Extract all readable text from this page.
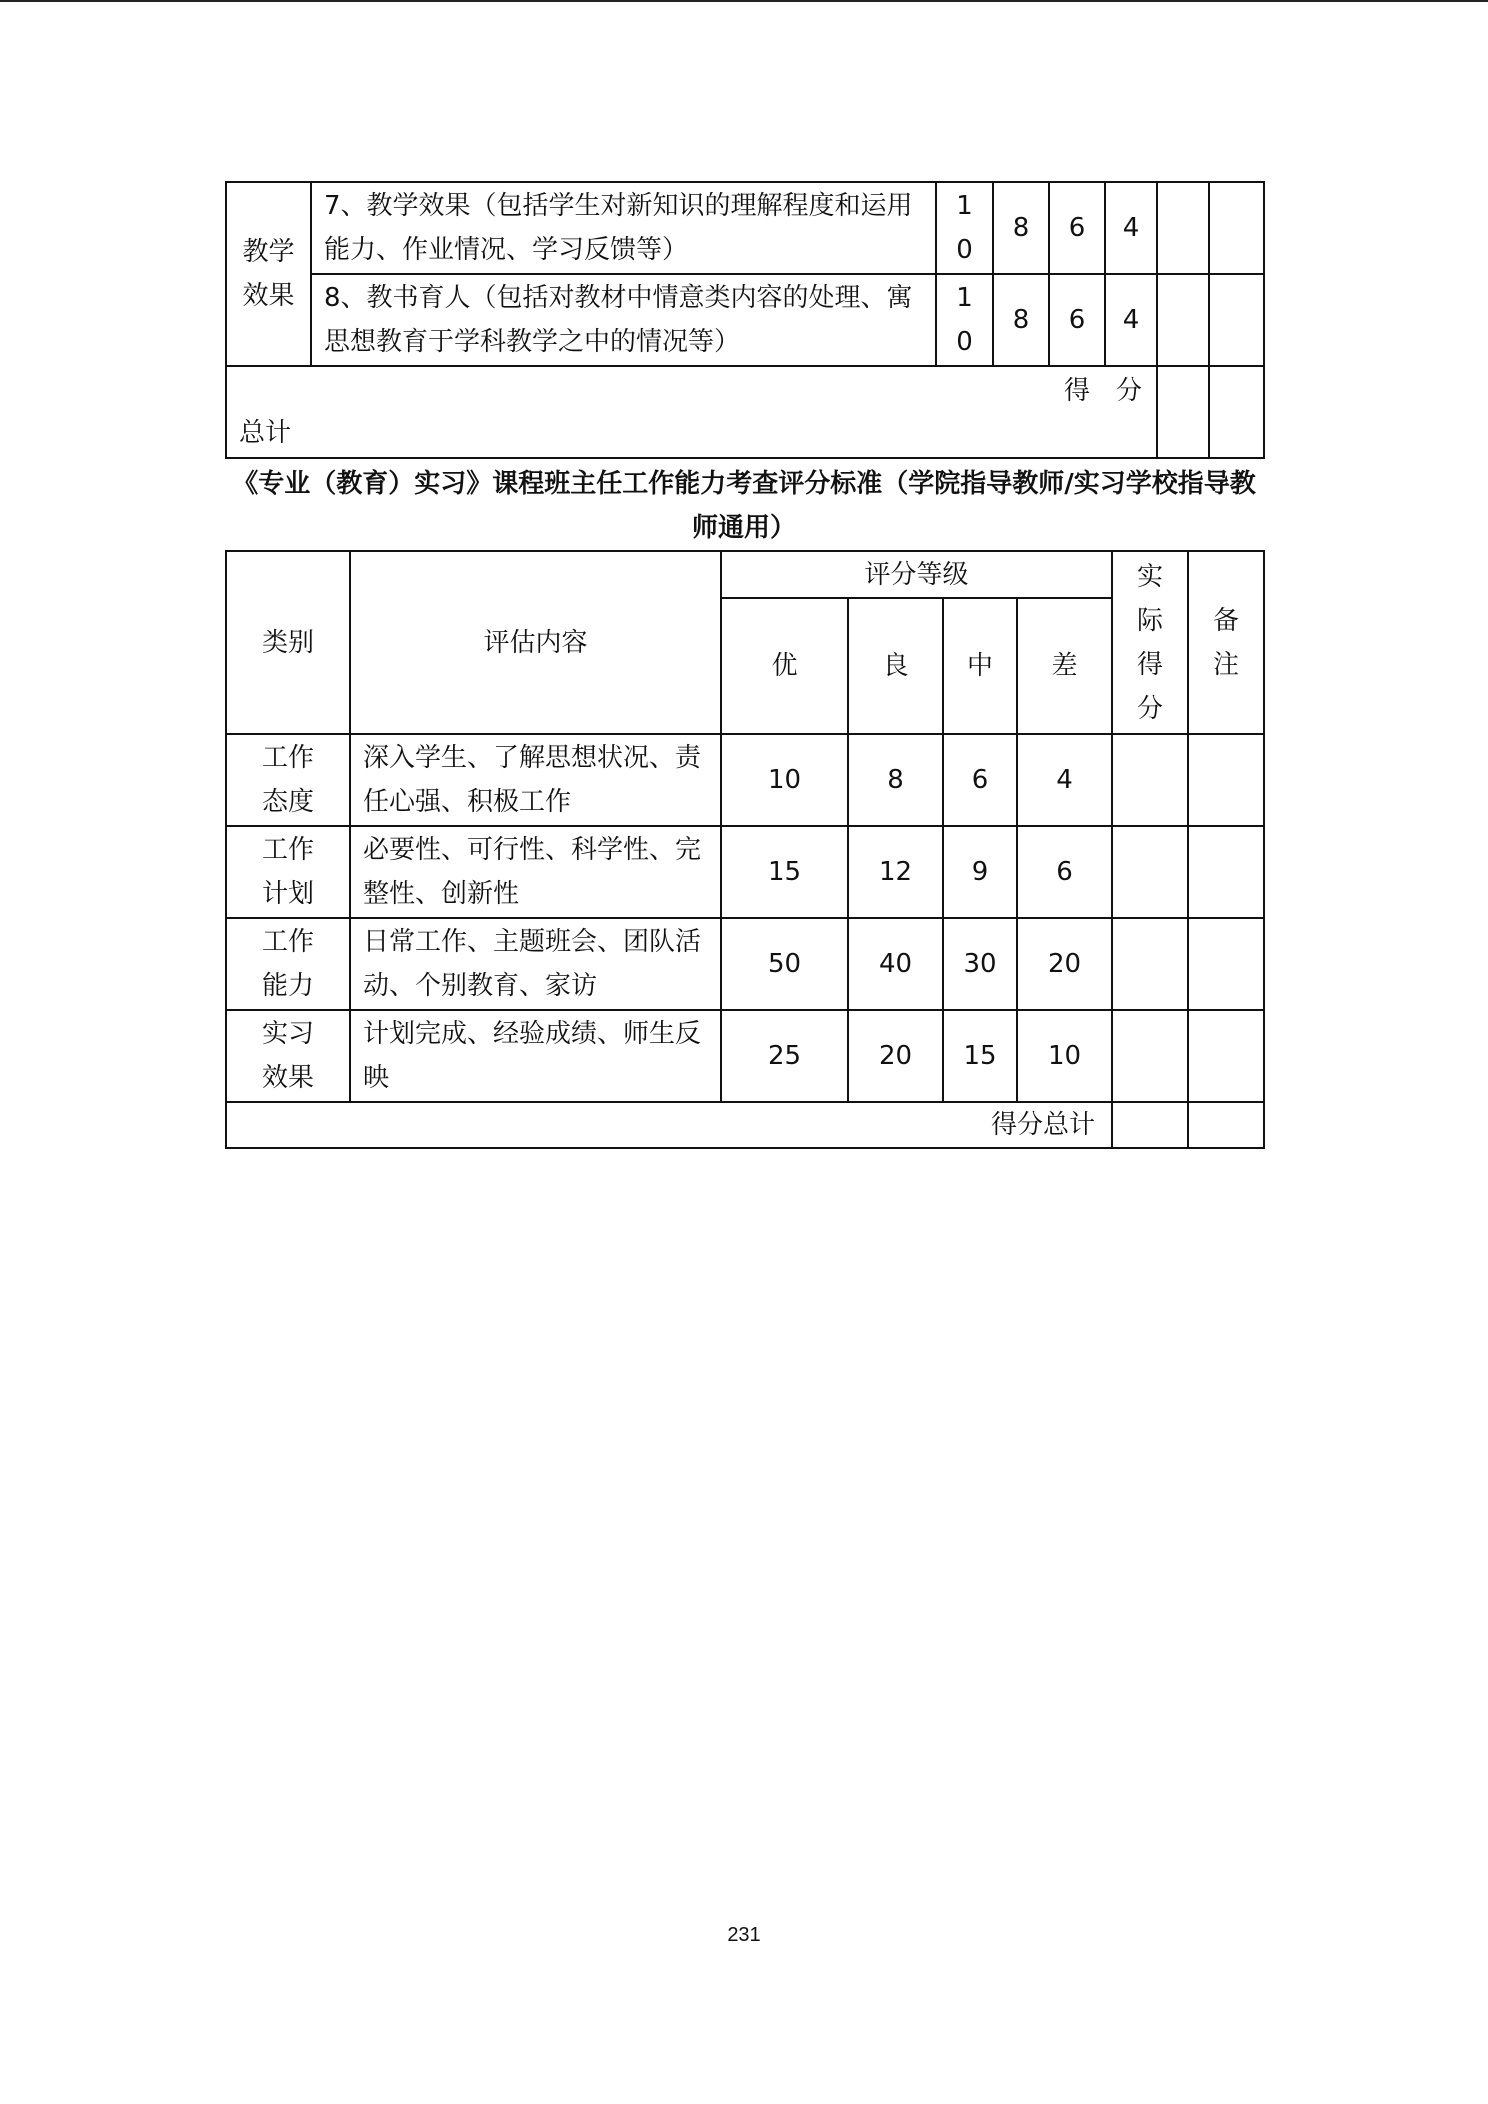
教学效果	7、教学效果（包括学生对新知识的理解程度和运用能力、作业情况、学习反馈等）	10	8	6	4		
	8、教书育人（包括对教材中情意类内容的处理、寓思想教育于学科教学之中的情况等）	10	8	6	4		

得　分
总计							

《专业（教育）实习》课程班主任工作能力考查评分标准（学院指导教师/实习学校指导教师通用）
类别	评估内容	评分等级				实际得分	备注
		优	良	中	差		
工作态度	深入学生、了解思想状况、责任心强、积极工作	10	8	6	4		
工作计划	必要性、可行性、科学性、完整性、创新性	15	12	9	6		
工作能力	日常工作、主题班会、团队活动、个别教育、家访	50	40	30	20		
实习效果	计划完成、经验成绩、师生反映	25	20	15	10		
得分总计							
231
